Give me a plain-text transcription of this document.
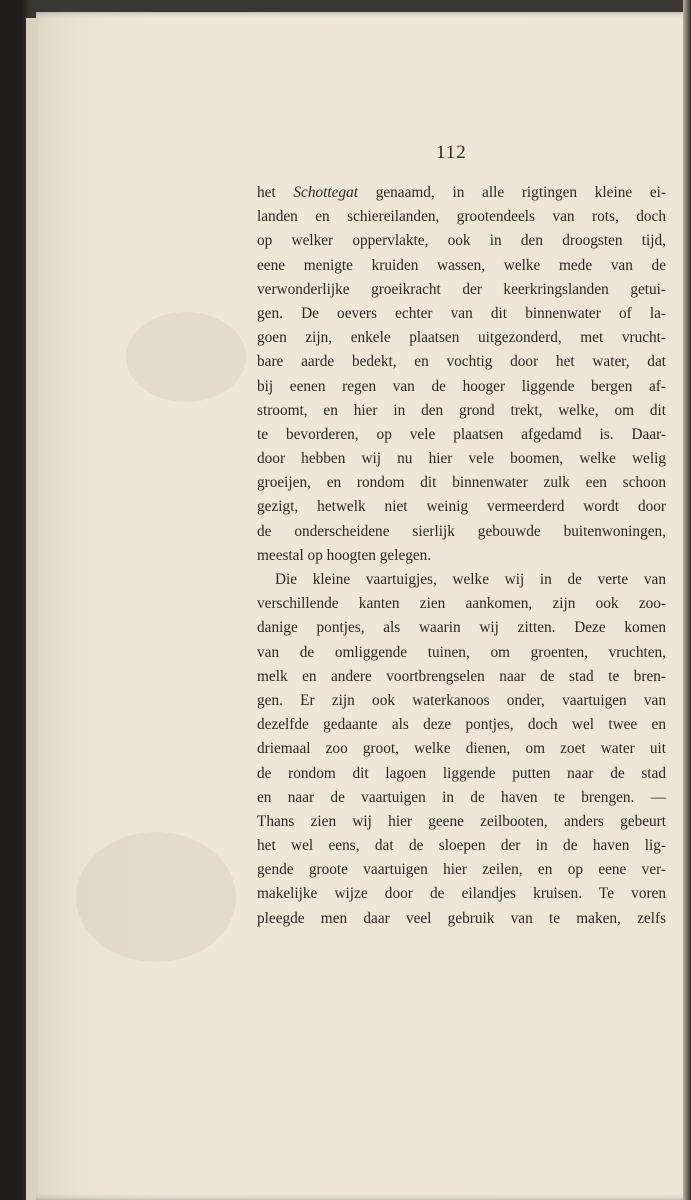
112
het Schottegat genaamd, in alle rigtingen kleine ei-
landen en schiereilanden, grootendeels van rots, doch
op welker oppervlakte, ook in den droogsten tijd,
eene menigte kruiden wassen, welke mede van de
verwonderlijke groeikracht der keerkringslanden getui-
gen. De oevers echter van dit binnenwater of la-
goen zijn, enkele plaatsen uitgezonderd, met vrucht-
bare aarde bedekt, en vochtig door het water, dat
bij eenen regen van de hooger liggende bergen af-
stroomt, en hier in den grond trekt, welke, om dit
te bevorderen, op vele plaatsen afgedamd is. Daar-
door hebben wij nu hier vele boomen, welke welig
groeijen, en rondom dit binnenwater zulk een schoon
gezigt, hetwelk niet weinig vermeerderd wordt door
de onderscheidene sierlijk gebouwde buitenwoningen,
meestal op hoogten gelegen.
Die kleine vaartuigjes, welke wij in de verte van
verschillende kanten zien aankomen, zijn ook zoo-
danige pontjes, als waarin wij zitten. Deze komen
van de omliggende tuinen, om groenten, vruchten,
melk en andere voortbrengselen naar de stad te bren-
gen. Er zijn ook waterkanoos onder, vaartuigen van
dezelfde gedaante als deze pontjes, doch wel twee en
driemaal zoo groot, welke dienen, om zoet water uit
de rondom dit lagoen liggende putten naar de stad
en naar de vaartuigen in de haven te brengen. —
Thans zien wij hier geene zeilbooten, anders gebeurt
het wel eens, dat de sloepen der in de haven lig-
gende groote vaartuigen hier zeilen, en op eene ver-
makelijke wijze door de eilandjes kruisen. Te voren
pleegde men daar veel gebruik van te maken, zelfs
